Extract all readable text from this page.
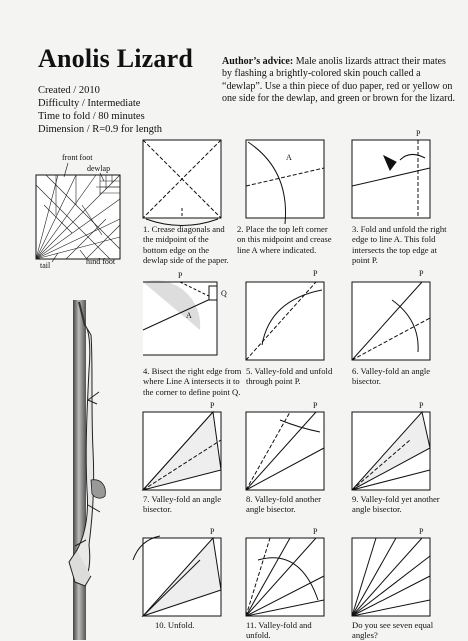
Anolis Lizard
Created / 2010
Difficulty / Intermediate
Time to fold / 80 minutes
Dimension / R=0.9 for length
Author’s advice: Male anolis lizards attract their mates by flashing a brightly-colored skin pouch called a “dewlap”. Use a thin piece of duo paper, red or yellow on one side for the dewlap, and green or brown for the lizard.
front foot
dewlap
tail	hind foot
A
P
P
Q
A
P	P
P	P	P
P	P	P
1. Crease diagonals and the midpoint of the bottom edge on the dewlap side of the paper.
2. Place the top left corner on this midpoint and crease line A where indicated.
3. Fold and unfold the right edge to line A. This fold intersects the top edge at point P.
4. Bisect the right edge from where Line A intersects it to the corner to define point Q.
5. Valley-fold and unfold through point P.
6. Valley-fold an angle bisector.
7. Valley-fold an angle bisector.
8. Valley-fold another angle bisector.
9. Valley-fold yet another angle bisector.
10. Unfold.	11. Valley-fold and unfold.
Do you see seven equal angles?
